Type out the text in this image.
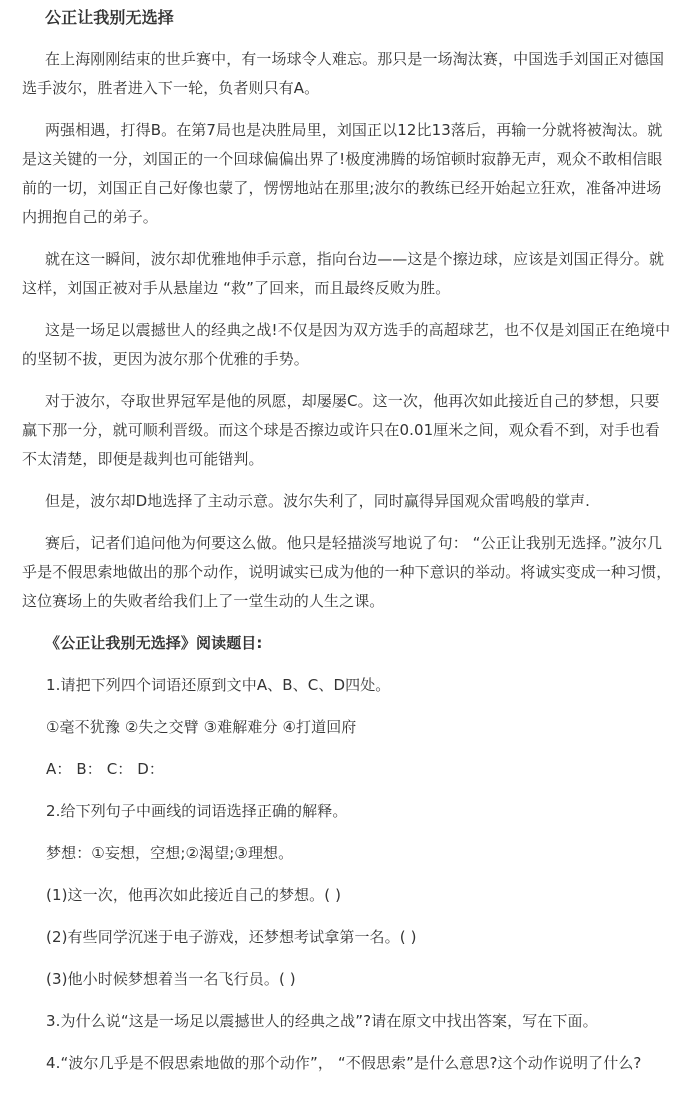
公正让我别无选择

在上海刚刚结束的世乒赛中，有一场球令人难忘。那只是一场淘汰赛，中国选手刘国正对德国选手波尔，胜者进入下一轮，负者则只有A。

两强相遇，打得B。在第7局也是决胜局里，刘国正以12比13落后，再输一分就将被淘汰。就是这关键的一分，刘国正的一个回球偏偏出界了!极度沸腾的场馆顿时寂静无声，观众不敢相信眼前的一切，刘国正自己好像也蒙了，愣愣地站在那里;波尔的教练已经开始起立狂欢，准备冲进场内拥抱自己的弟子。

就在这一瞬间，波尔却优雅地伸手示意，指向台边——这是个擦边球，应该是刘国正得分。就这样，刘国正被对手从悬崖边 “救”了回来，而且最终反败为胜。

这是一场足以震撼世人的经典之战!不仅是因为双方选手的高超球艺，也不仅是刘国正在绝境中的坚韧不拔，更因为波尔那个优雅的手势。

对于波尔，夺取世界冠军是他的夙愿，却屡屡C。这一次，他再次如此接近自己的梦想，只要赢下那一分，就可顺利晋级。而这个球是否擦边或许只在0.01厘米之间，观众看不到，对手也看不太清楚，即便是裁判也可能错判。

但是，波尔却D地选择了主动示意。波尔失利了，同时赢得异国观众雷鸣般的掌声.

赛后，记者们追问他为何要这么做。他只是轻描淡写地说了句： “公正让我别无选择。”波尔几乎是不假思索地做出的那个动作，说明诚实已成为他的一种下意识的举动。将诚实变成一种习惯，这位赛场上的失败者给我们上了一堂生动的人生之课。

《公正让我别无选择》阅读题目:

1.请把下列四个词语还原到文中A、B、C、D四处。

①毫不犹豫 ②失之交臂 ③难解难分 ④打道回府

A： B： C： D：

2.给下列句子中画线的词语选择正确的解释。

梦想：①妄想，空想;②渴望;③理想。

(1)这一次，他再次如此接近自己的梦想。( )

(2)有些同学沉迷于电子游戏，还梦想考试拿第一名。( )

(3)他小时候梦想着当一名飞行员。( )

3.为什么说“这是一场足以震撼世人的经典之战”?请在原文中找出答案，写在下面。

4.“波尔几乎是不假思索地做的那个动作”， “不假思索”是什么意思?这个动作说明了什么?
